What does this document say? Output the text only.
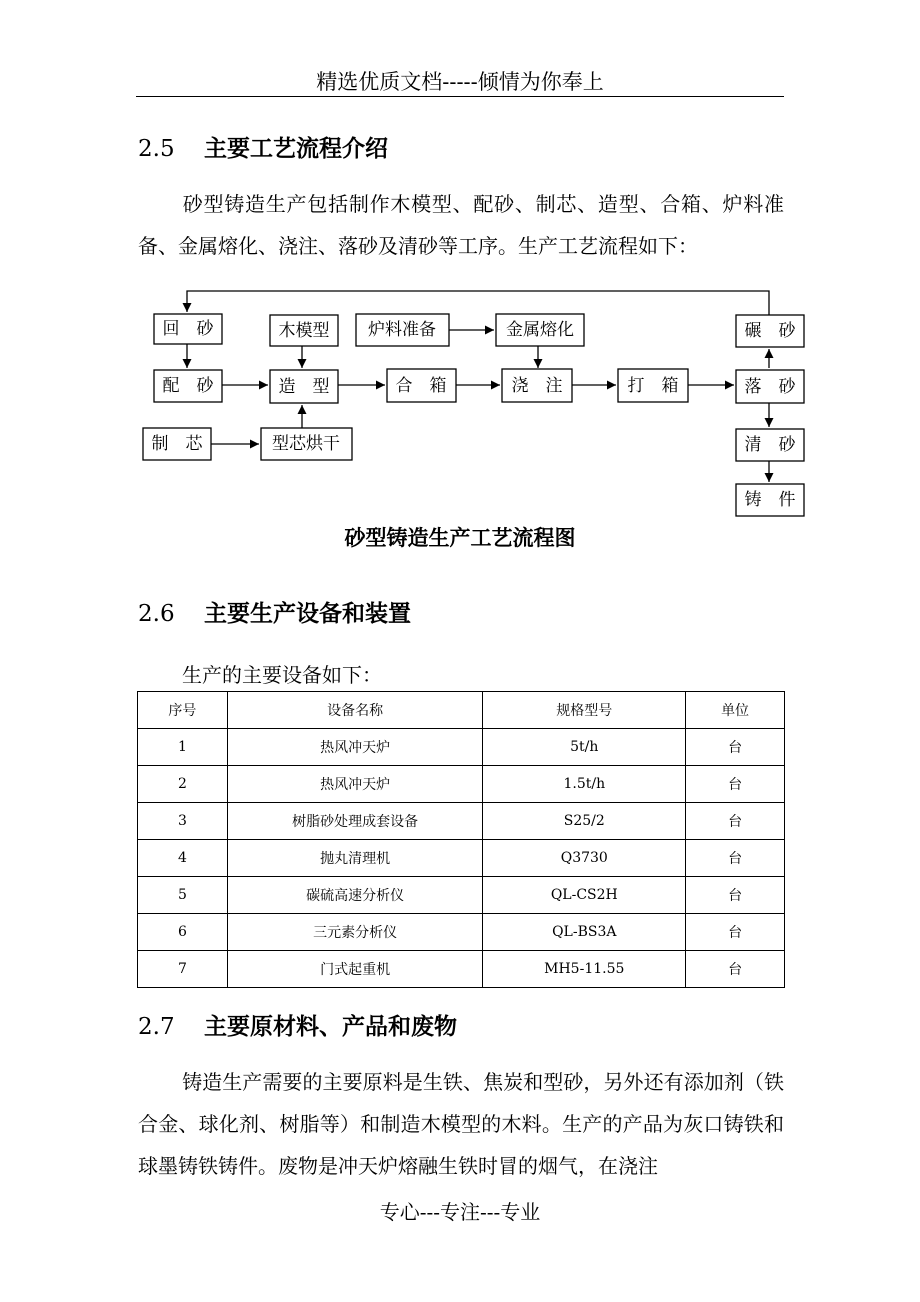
精选优质文档-----倾情为你奉上
2.5 主要工艺流程介绍
砂型铸造生产包括制作木模型、配砂、制芯、造型、合箱、炉料准备、金属熔化、浇注、落砂及清砂等工序。生产工艺流程如下：
回　砂
配　砂
制　芯
木模型
造　型
型芯烘干
炉料准备
合　箱
金属熔化
浇　注	打　箱
碾　砂
落　砂
清　砂
铸　件
砂型铸造生产工艺流程图
2.6 主要生产设备和装置
生产的主要设备如下：
序号	设备名称	规格型号	单位
1	热风冲天炉	5t/h	台
2	热风冲天炉	1.5t/h	台
3	树脂砂处理成套设备	S25/2	台
4	抛丸清理机	Q3730	台
5	碳硫高速分析仪	QL-CS2H	台
6	三元素分析仪	QL-BS3A	台
7	门式起重机	MH5-11.55	台
2.7 主要原材料、产品和废物
铸造生产需要的主要原料是生铁、焦炭和型砂，另外还有添加剂（铁合金、球化剂、树脂等）和制造木模型的木料。生产的产品为灰口铸铁和球墨铸铁铸件。废物是冲天炉熔融生铁时冒的烟气，在浇注
专心---专注---专业
